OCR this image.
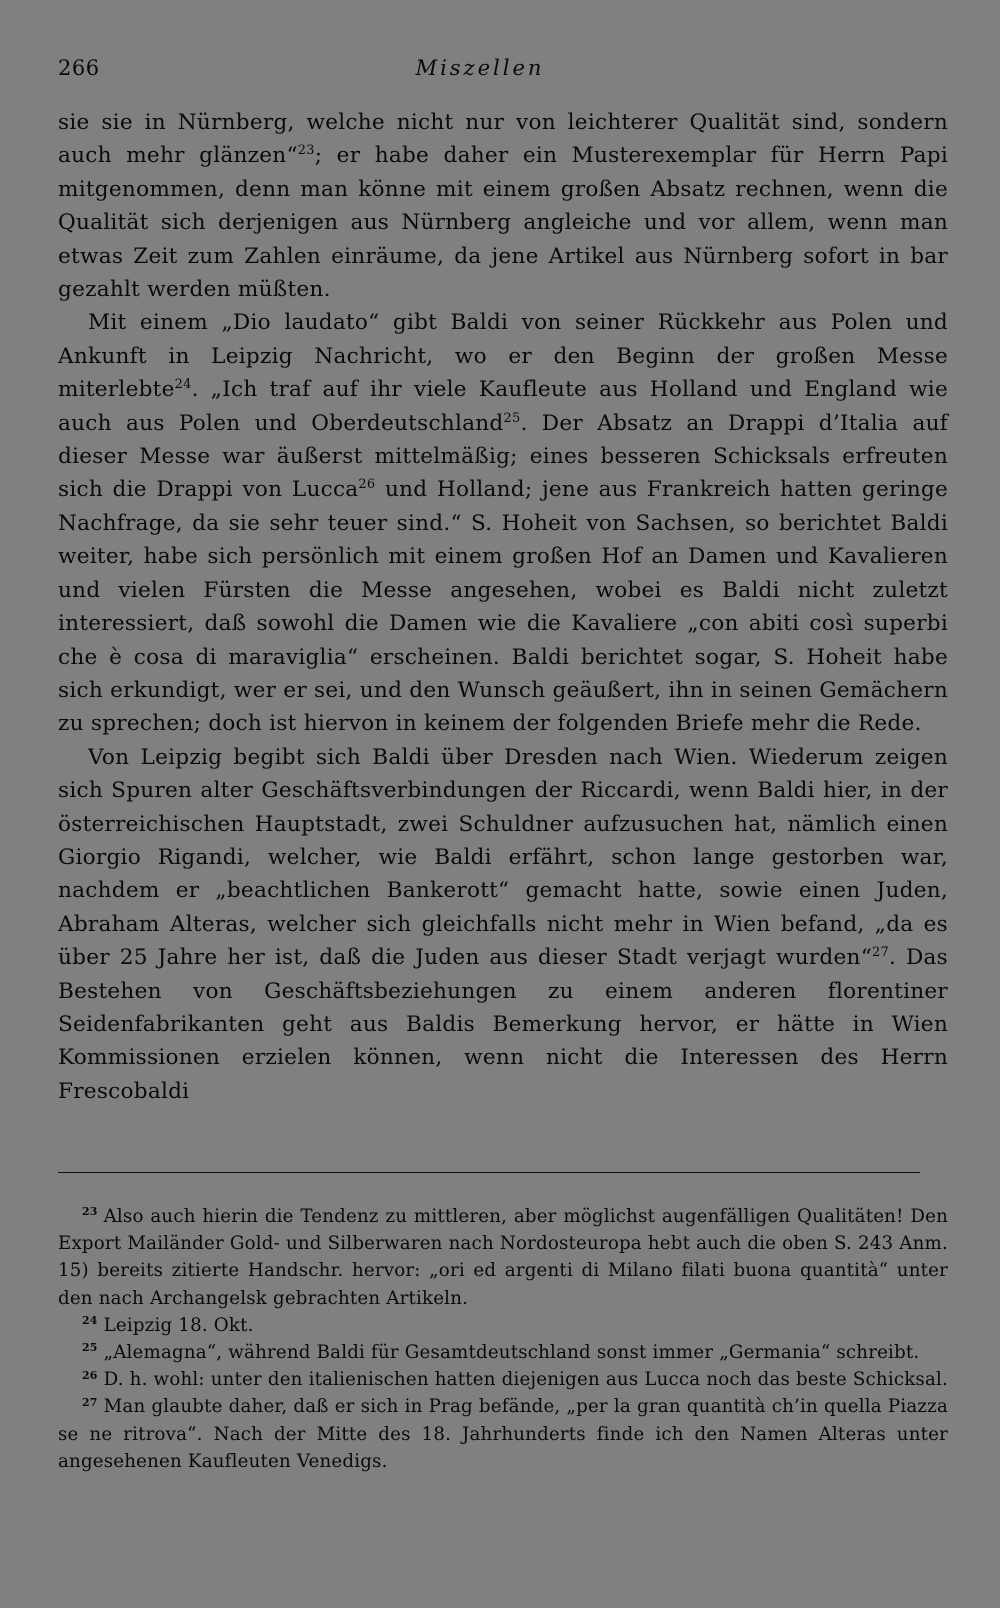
266	Miszellen

sie sie in Nürnberg, welche nicht nur von leichterer Qualität sind, sondern auch mehr glänzen“$^{23}$; er habe daher ein Musterexemplar für Herrn Papi mitgenommen, denn man könne mit einem großen Absatz rechnen, wenn die Qualität sich derjenigen aus Nürnberg angleiche und vor allem, wenn man etwas Zeit zum Zahlen einräume, da jene Artikel aus Nürnberg sofort in bar gezahlt werden müßten.

Mit einem „Dio laudato“ gibt Baldi von seiner Rückkehr aus Polen und Ankunft in Leipzig Nachricht, wo er den Beginn der großen Messe miterlebte$^{24}$. „Ich traf auf ihr viele Kaufleute aus Holland und England wie auch aus Polen und Oberdeutschland$^{25}$. Der Absatz an Drappi d’Italia auf dieser Messe war äußerst mittelmäßig; eines besseren Schicksals erfreuten sich die Drappi von Lucca$^{26}$ und Holland; jene aus Frankreich hatten geringe Nachfrage, da sie sehr teuer sind.“ S. Hoheit von Sachsen, so berichtet Baldi weiter, habe sich persönlich mit einem großen Hof an Damen und Kavalieren und vielen Fürsten die Messe angesehen, wobei es Baldi nicht zuletzt interessiert, daß sowohl die Damen wie die Kavaliere „con abiti così superbi che è cosa di maraviglia“ erscheinen. Baldi berichtet sogar, S. Hoheit habe sich erkundigt, wer er sei, und den Wunsch geäußert, ihn in seinen Gemächern zu sprechen; doch ist hiervon in keinem der folgenden Briefe mehr die Rede.

Von Leipzig begibt sich Baldi über Dresden nach Wien. Wiederum zeigen sich Spuren alter Geschäftsverbindungen der Riccardi, wenn Baldi hier, in der österreichischen Hauptstadt, zwei Schuldner aufzusuchen hat, nämlich einen Giorgio Rigandi, welcher, wie Baldi erfährt, schon lange gestorben war, nachdem er „beachtlichen Bankerott“ gemacht hatte, sowie einen Juden, Abraham Alteras, welcher sich gleichfalls nicht mehr in Wien befand, „da es über 25 Jahre her ist, daß die Juden aus dieser Stadt verjagt wurden“$^{27}$. Das Bestehen von Geschäftsbeziehungen zu einem anderen florentiner Seidenfabrikanten geht aus Baldis Bemerkung hervor, er hätte in Wien Kommissionen erzielen können, wenn nicht die Interessen des Herrn Frescobaldi

$^{23}$ Also auch hierin die Tendenz zu mittleren, aber möglichst augenfälligen Qualitäten! Den Export Mailänder Gold- und Silberwaren nach Nordosteuropa hebt auch die oben S. 243 Anm. 15) bereits zitierte Handschr. hervor: „ori ed argenti di Milano filati buona quantità“ unter den nach Archangelsk gebrachten Artikeln.

$^{24}$ Leipzig 18. Okt.

$^{25}$ „Alemagna“, während Baldi für Gesamtdeutschland sonst immer „Germania“ schreibt.

$^{26}$ D. h. wohl: unter den italienischen hatten diejenigen aus Lucca noch das beste Schicksal.

$^{27}$ Man glaubte daher, daß er sich in Prag befände, „per la gran quantità ch’in quella Piazza se ne ritrova“. Nach der Mitte des 18. Jahrhunderts finde ich den Namen Alteras unter angesehenen Kaufleuten Venedigs.
